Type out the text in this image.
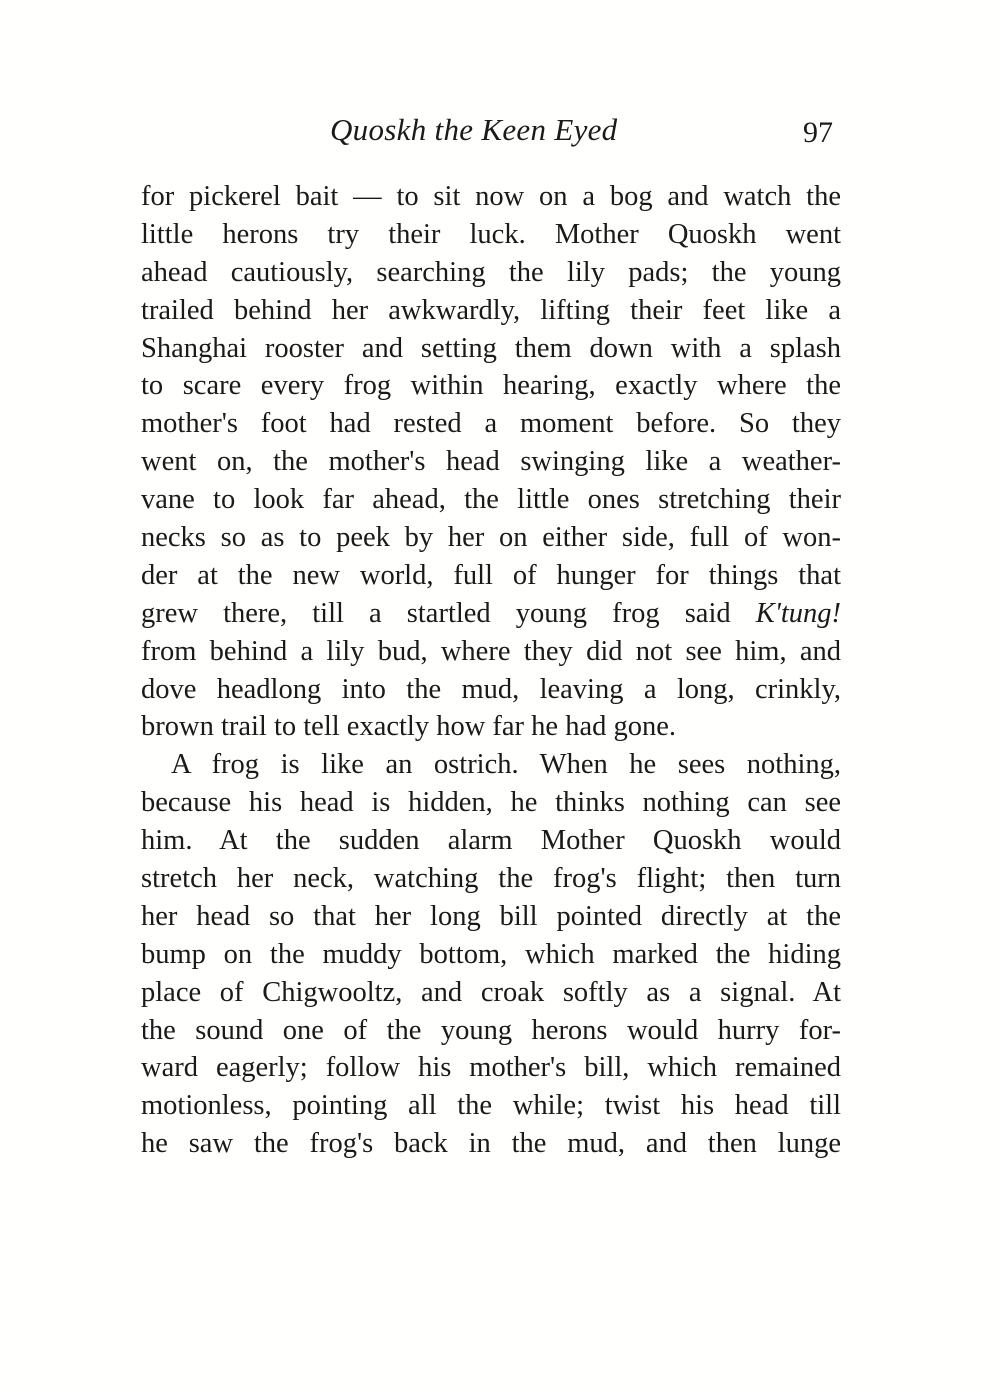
Quoskh the Keen Eyed	97
for pickerel bait — to sit now on a bog and watch the
little herons try their luck. Mother Quoskh went
ahead cautiously, searching the lily pads; the young
trailed behind her awkwardly, lifting their feet like a
Shanghai rooster and setting them down with a splash
to scare every frog within hearing, exactly where the
mother's foot had rested a moment before. So they
went on, the mother's head swinging like a weather-
vane to look far ahead, the little ones stretching their
necks so as to peek by her on either side, full of won-
der at the new world, full of hunger for things that
grew there, till a startled young frog said K'tung!
from behind a lily bud, where they did not see him, and
dove headlong into the mud, leaving a long, crinkly,
brown trail to tell exactly how far he had gone.
A frog is like an ostrich. When he sees nothing,
because his head is hidden, he thinks nothing can see
him. At the sudden alarm Mother Quoskh would
stretch her neck, watching the frog's flight; then turn
her head so that her long bill pointed directly at the
bump on the muddy bottom, which marked the hiding
place of Chigwooltz, and croak softly as a signal. At
the sound one of the young herons would hurry for-
ward eagerly; follow his mother's bill, which remained
motionless, pointing all the while; twist his head till
he saw the frog's back in the mud, and then lunge
